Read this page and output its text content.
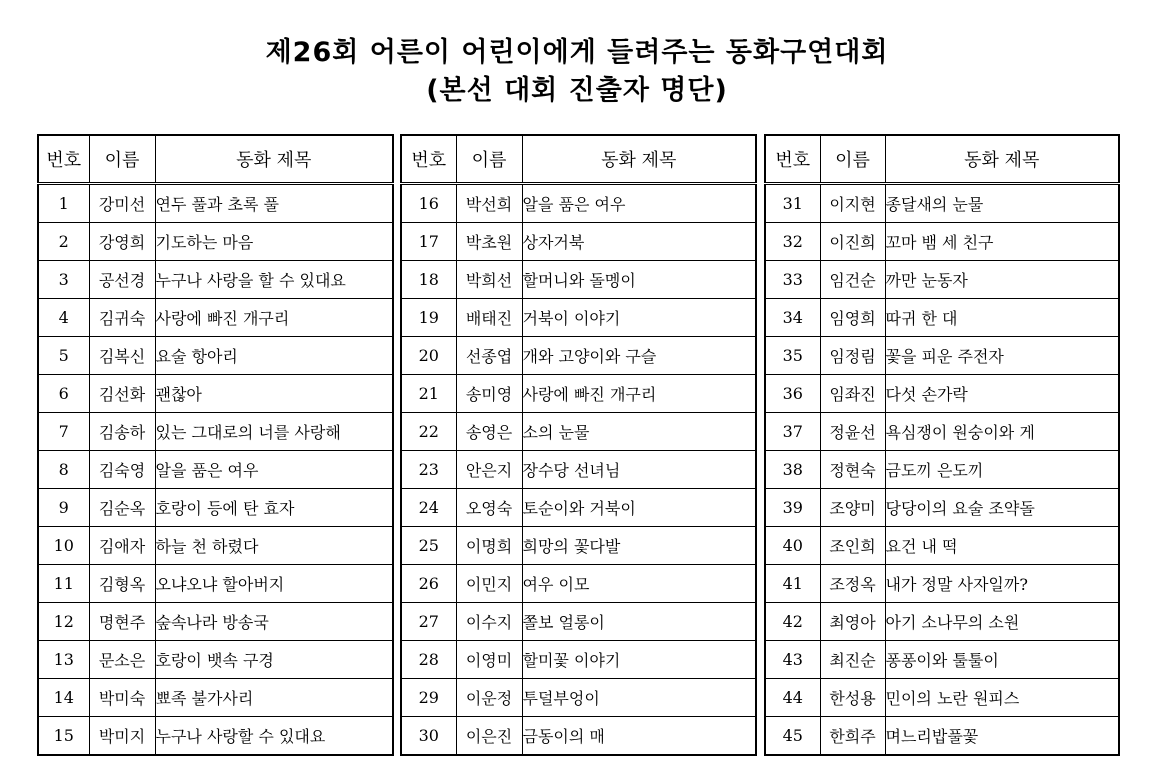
제26회 어른이 어린이에게 들려주는 동화구연대회
(본선 대회 진출자 명단)
번호	이름	동화 제목
1	강미선	연두 풀과 초록 풀
2	강영희	기도하는 마음
3	공선경	누구나 사랑을 할 수 있대요
4	김귀숙	사랑에 빠진 개구리
5	김복신	요술 항아리
6	김선화	괜찮아
7	김송하	있는 그대로의 너를 사랑해
8	김숙영	알을 품은 여우
9	김순옥	호랑이 등에 탄 효자
10	김애자	하늘 천 하렸다
11	김형옥	오냐오냐 할아버지
12	명현주	숲속나라 방송국
13	문소은	호랑이 뱃속 구경
14	박미숙	뾰족 불가사리
15	박미지	누구나 사랑할 수 있대요
번호	이름	동화 제목
16	박선희	알을 품은 여우
17	박초원	상자거북
18	박희선	할머니와 돌멩이
19	배태진	거북이 이야기
20	선종엽	개와 고양이와 구슬
21	송미영	사랑에 빠진 개구리
22	송영은	소의 눈물
23	안은지	장수당 선녀님
24	오영숙	토순이와 거북이
25	이명희	희망의 꽃다발
26	이민지	여우 이모
27	이수지	쫄보 얼롱이
28	이영미	할미꽃 이야기
29	이운정	투덜부엉이
30	이은진	금동이의 매
번호	이름	동화 제목
31	이지현	종달새의 눈물
32	이진희	꼬마 뱀 세 친구
33	임건순	까만 눈동자
34	임영희	따귀 한 대
35	임정림	꽃을 피운 주전자
36	임좌진	다섯 손가락
37	정윤선	욕심쟁이 원숭이와 게
38	정현숙	금도끼 은도끼
39	조양미	당당이의 요술 조약돌
40	조인희	요건 내 떡
41	조정옥	내가 정말 사자일까?
42	최영아	아기 소나무의 소원
43	최진순	퐁퐁이와 툴툴이
44	한성용	민이의 노란 원피스
45	한희주	며느리밥풀꽃
